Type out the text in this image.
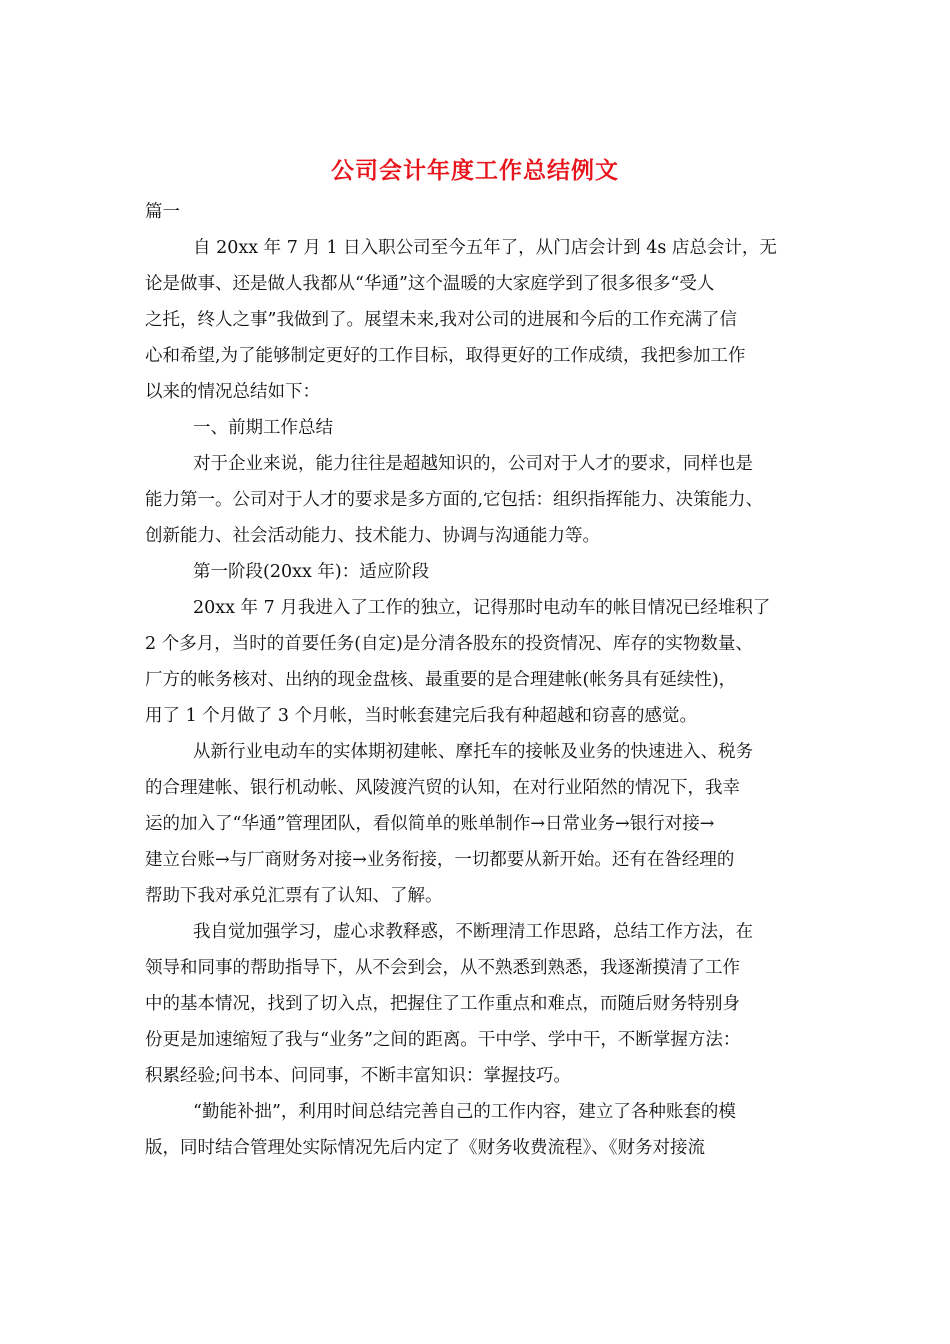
公司会计年度工作总结例文
篇一
自 20xx 年 7 月 1 日入职公司至今五年了，从门店会计到 4s 店总会计，无
论是做事、还是做人我都从“华通”这个温暖的大家庭学到了很多很多“受人
之托，终人之事”我做到了。展望未来,我对公司的进展和今后的工作充满了信
心和希望,为了能够制定更好的工作目标，取得更好的工作成绩，我把参加工作
以来的情况总结如下：
一、前期工作总结
对于企业来说，能力往往是超越知识的，公司对于人才的要求，同样也是
能力第一。公司对于人才的要求是多方面的,它包括：组织指挥能力、决策能力、
创新能力、社会活动能力、技术能力、协调与沟通能力等。
第一阶段(20xx 年)：适应阶段
20xx 年 7 月我进入了工作的独立，记得那时电动车的帐目情况已经堆积了
2 个多月，当时的首要任务(自定)是分清各股东的投资情况、库存的实物数量、
厂方的帐务核对、出纳的现金盘核、最重要的是合理建帐(帐务具有延续性)，
用了 1 个月做了 3 个月帐，当时帐套建完后我有种超越和窃喜的感觉。
从新行业电动车的实体期初建帐、摩托车的接帐及业务的快速进入、税务
的合理建帐、银行机动帐、风陵渡汽贸的认知，在对行业陌然的情况下，我幸
运的加入了“华通”管理团队，看似简单的账单制作→日常业务→银行对接→
建立台账→与厂商财务对接→业务衔接，一切都要从新开始。还有在昝经理的
帮助下我对承兑汇票有了认知、了解。
我自觉加强学习，虚心求教释惑，不断理清工作思路，总结工作方法，在
领导和同事的帮助指导下，从不会到会，从不熟悉到熟悉，我逐渐摸清了工作
中的基本情况，找到了切入点，把握住了工作重点和难点，而随后财务特别身
份更是加速缩短了我与“业务”之间的距离。干中学、学中干，不断掌握方法：
积累经验;问书本、问同事，不断丰富知识：掌握技巧。
“勤能补拙”，利用时间总结完善自己的工作内容，建立了各种账套的模
版，同时结合管理处实际情况先后内定了《财务收费流程》、《财务对接流
